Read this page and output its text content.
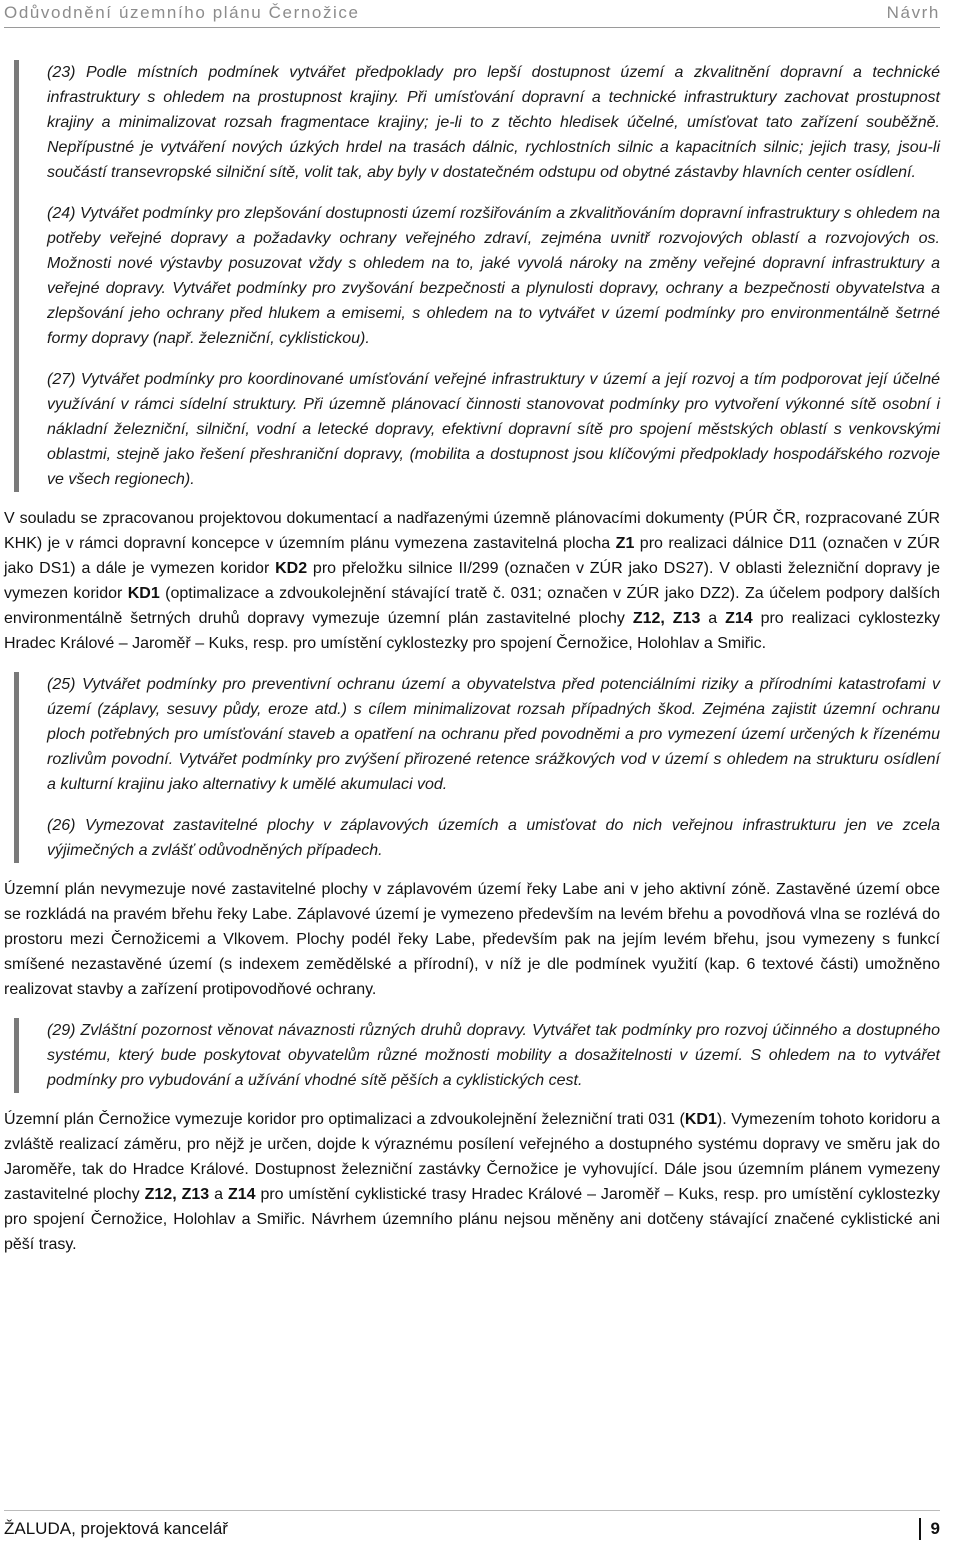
Odůvodnění územního plánu Černožice	Návrh

(23) Podle místních podmínek vytvářet předpoklady pro lepší dostupnost území a zkvalitnění dopravní a technické infrastruktury s ohledem na prostupnost krajiny. Při umísťování dopravní a technické infrastruktury zachovat prostupnost krajiny a minimalizovat rozsah fragmentace krajiny; je-li to z těchto hledisek účelné, umísťovat tato zařízení souběžně. Nepřípustné je vytváření nových úzkých hrdel na trasách dálnic, rychlostních silnic a kapacitních silnic; jejich trasy, jsou-li součástí transevropské silniční sítě, volit tak, aby byly v dostatečném odstupu od obytné zástavby hlavních center osídlení.

(24) Vytvářet podmínky pro zlepšování dostupnosti území rozšiřováním a zkvalitňováním dopravní infrastruktury s ohledem na potřeby veřejné dopravy a požadavky ochrany veřejného zdraví, zejména uvnitř rozvojových oblastí a rozvojových os. Možnosti nové výstavby posuzovat vždy s ohledem na to, jaké vyvolá nároky na změny veřejné dopravní infrastruktury a veřejné dopravy. Vytvářet podmínky pro zvyšování bezpečnosti a plynulosti dopravy, ochrany a bezpečnosti obyvatelstva a zlepšování jeho ochrany před hlukem a emisemi, s ohledem na to vytvářet v území podmínky pro environmentálně šetrné formy dopravy (např. železniční, cyklistickou).

(27) Vytvářet podmínky pro koordinované umísťování veřejné infrastruktury v území a její rozvoj a tím podporovat její účelné využívání v rámci sídelní struktury. Při územně plánovací činnosti stanovovat podmínky pro vytvoření výkonné sítě osobní i nákladní železniční, silniční, vodní a letecké dopravy, efektivní dopravní sítě pro spojení městských oblastí s venkovskými oblastmi, stejně jako řešení přeshraniční dopravy, (mobilita a dostupnost jsou klíčovými předpoklady hospodářského rozvoje ve všech regionech).

V souladu se zpracovanou projektovou dokumentací a nadřazenými územně plánovacími dokumenty (PÚR ČR, rozpracované ZÚR KHK) je v rámci dopravní koncepce v územním plánu vymezena zastavitelná plocha Z1 pro realizaci dálnice D11 (označen v ZÚR jako DS1) a dále je vymezen koridor KD2 pro přeložku silnice II/299 (označen v ZÚR jako DS27). V oblasti železniční dopravy je vymezen koridor KD1 (optimalizace a zdvoukolejnění stávající tratě č. 031; označen v ZÚR jako DZ2). Za účelem podpory dalších environmentálně šetrných druhů dopravy vymezuje územní plán zastavitelné plochy Z12, Z13 a Z14 pro realizaci cyklostezky Hradec Králové – Jaroměř – Kuks, resp. pro umístění cyklostezky pro spojení Černožice, Holohlav a Smiřic.

(25) Vytvářet podmínky pro preventivní ochranu území a obyvatelstva před potenciálními riziky a přírodními katastrofami v území (záplavy, sesuvy půdy, eroze atd.) s cílem minimalizovat rozsah případných škod. Zejména zajistit územní ochranu ploch potřebných pro umísťování staveb a opatření na ochranu před povodněmi a pro vymezení území určených k řízenému rozlivům povodní. Vytvářet podmínky pro zvýšení přirozené retence srážkových vod v území s ohledem na strukturu osídlení a kulturní krajinu jako alternativy k umělé akumulaci vod.

(26) Vymezovat zastavitelné plochy v záplavových územích a umisťovat do nich veřejnou infrastrukturu jen ve zcela výjimečných a zvlášť odůvodněných případech.

Územní plán nevymezuje nové zastavitelné plochy v záplavovém území řeky Labe ani v jeho aktivní zóně. Zastavěné území obce se rozkládá na pravém břehu řeky Labe. Záplavové území je vymezeno především na levém břehu a povodňová vlna se rozlévá do prostoru mezi Černožicemi a Vlkovem. Plochy podél řeky Labe, především pak na jejím levém břehu, jsou vymezeny s funkcí smíšené nezastavěné území (s indexem zemědělské a přírodní), v níž je dle podmínek využití (kap. 6 textové části) umožněno realizovat stavby a zařízení protipovodňové ochrany.

(29) Zvláštní pozornost věnovat návaznosti různých druhů dopravy. Vytvářet tak podmínky pro rozvoj účinného a dostupného systému, který bude poskytovat obyvatelům různé možnosti mobility a dosažitelnosti v území. S ohledem na to vytvářet podmínky pro vybudování a užívání vhodné sítě pěších a cyklistických cest.

Územní plán Černožice vymezuje koridor pro optimalizaci a zdvoukolejnění železniční trati 031 (KD1). Vymezením tohoto koridoru a zvláště realizací záměru, pro nějž je určen, dojde k výraznému posílení veřejného a dostupného systému dopravy ve směru jak do Jaroměře, tak do Hradce Králové. Dostupnost železniční zastávky Černožice je vyhovující. Dále jsou územním plánem vymezeny zastavitelné plochy Z12, Z13 a Z14 pro umístění cyklistické trasy Hradec Králové – Jaroměř – Kuks, resp. pro umístění cyklostezky pro spojení Černožice, Holohlav a Smiřic. Návrhem územního plánu nejsou měněny ani dotčeny stávající značené cyklistické ani pěší trasy.

ŽALUDA, projektová kancelář	9
